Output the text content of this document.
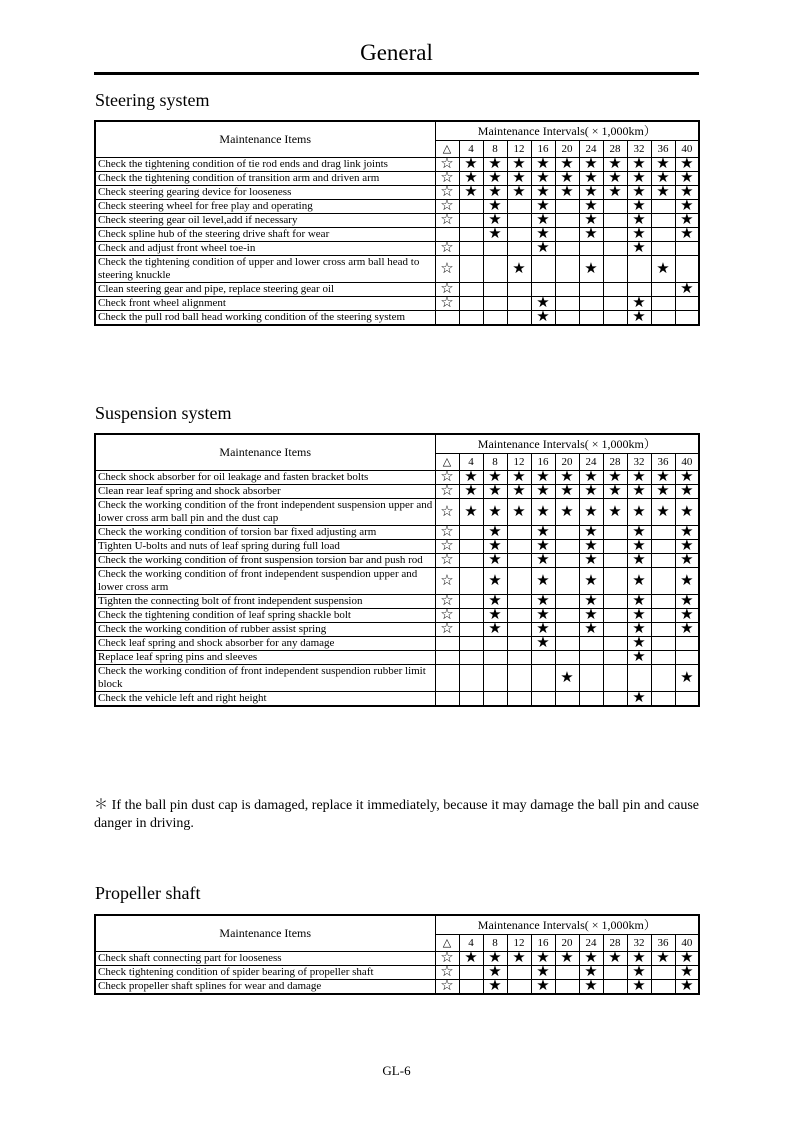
General
Steering system
Maintenance Items	Maintenance Intervals( × 1,000km）										
	△	4	8	12	16	20	24	28	32	36	40
Check the tightening condition of tie rod ends and drag link joints	☆	★	★	★	★	★	★	★	★	★	★
Check the tightening condition of transition arm and driven arm	☆	★	★	★	★	★	★	★	★	★	★
Check steering gearing device for looseness	☆	★	★	★	★	★	★	★	★	★	★
Check steering wheel for free play and operating	☆		★		★		★		★		★
Check steering gear oil level,add if necessary	☆		★		★		★		★		★
Check spline hub of the steering drive shaft for wear			★		★		★		★		★
Check and adjust front wheel toe-in	☆				★				★		
Check the tightening condition of upper and lower cross arm ball head to steering knuckle	☆			★			★			★	
Clean steering gear and pipe, replace steering gear oil	☆										★
Check front wheel alignment	☆				★				★		
Check the pull rod ball head working condition of the steering system					★				★		
Suspension system
Maintenance Items	Maintenance Intervals( × 1,000km）										
	△	4	8	12	16	20	24	28	32	36	40
Check shock absorber for oil leakage and fasten bracket bolts	☆	★	★	★	★	★	★	★	★	★	★
Clean rear leaf spring and shock absorber	☆	★	★	★	★	★	★	★	★	★	★
Check the working condition of the front independent suspension upper and lower cross arm ball pin and the dust cap	☆	★	★	★	★	★	★	★	★	★	★
Check the working condition of torsion bar fixed adjusting arm	☆		★		★		★		★		★
Tighten U-bolts and nuts of leaf spring during full load	☆		★		★		★		★		★
Check the working condition of front suspension torsion bar and push rod	☆		★		★		★		★		★
Check the working condition of front independent suspendion upper and lower cross arm	☆		★		★		★		★		★
Tighten the connecting bolt of front independent suspension	☆		★		★		★		★		★
Check the tightening condition of leaf spring shackle bolt	☆		★		★		★		★		★
Check the working condition of rubber assist spring	☆		★		★		★		★		★
Check leaf spring and shock absorber for any damage					★				★		
Replace leaf spring pins and sleeves									★		
Check the working condition of front independent suspendion rubber limit block						★					★
Check the vehicle left and right height									★		
＊ If the ball pin dust cap is damaged, replace it immediately, because it may damage the ball pin and cause danger in driving.
Propeller shaft
Maintenance Items	Maintenance Intervals( × 1,000km）										
	△	4	8	12	16	20	24	28	32	36	40
Check shaft connecting part for looseness	☆	★	★	★	★	★	★	★	★	★	★
Check tightening condition of spider bearing of propeller shaft	☆		★		★		★		★		★
Check propeller shaft splines for wear and damage	☆		★		★		★		★		★
GL-6
